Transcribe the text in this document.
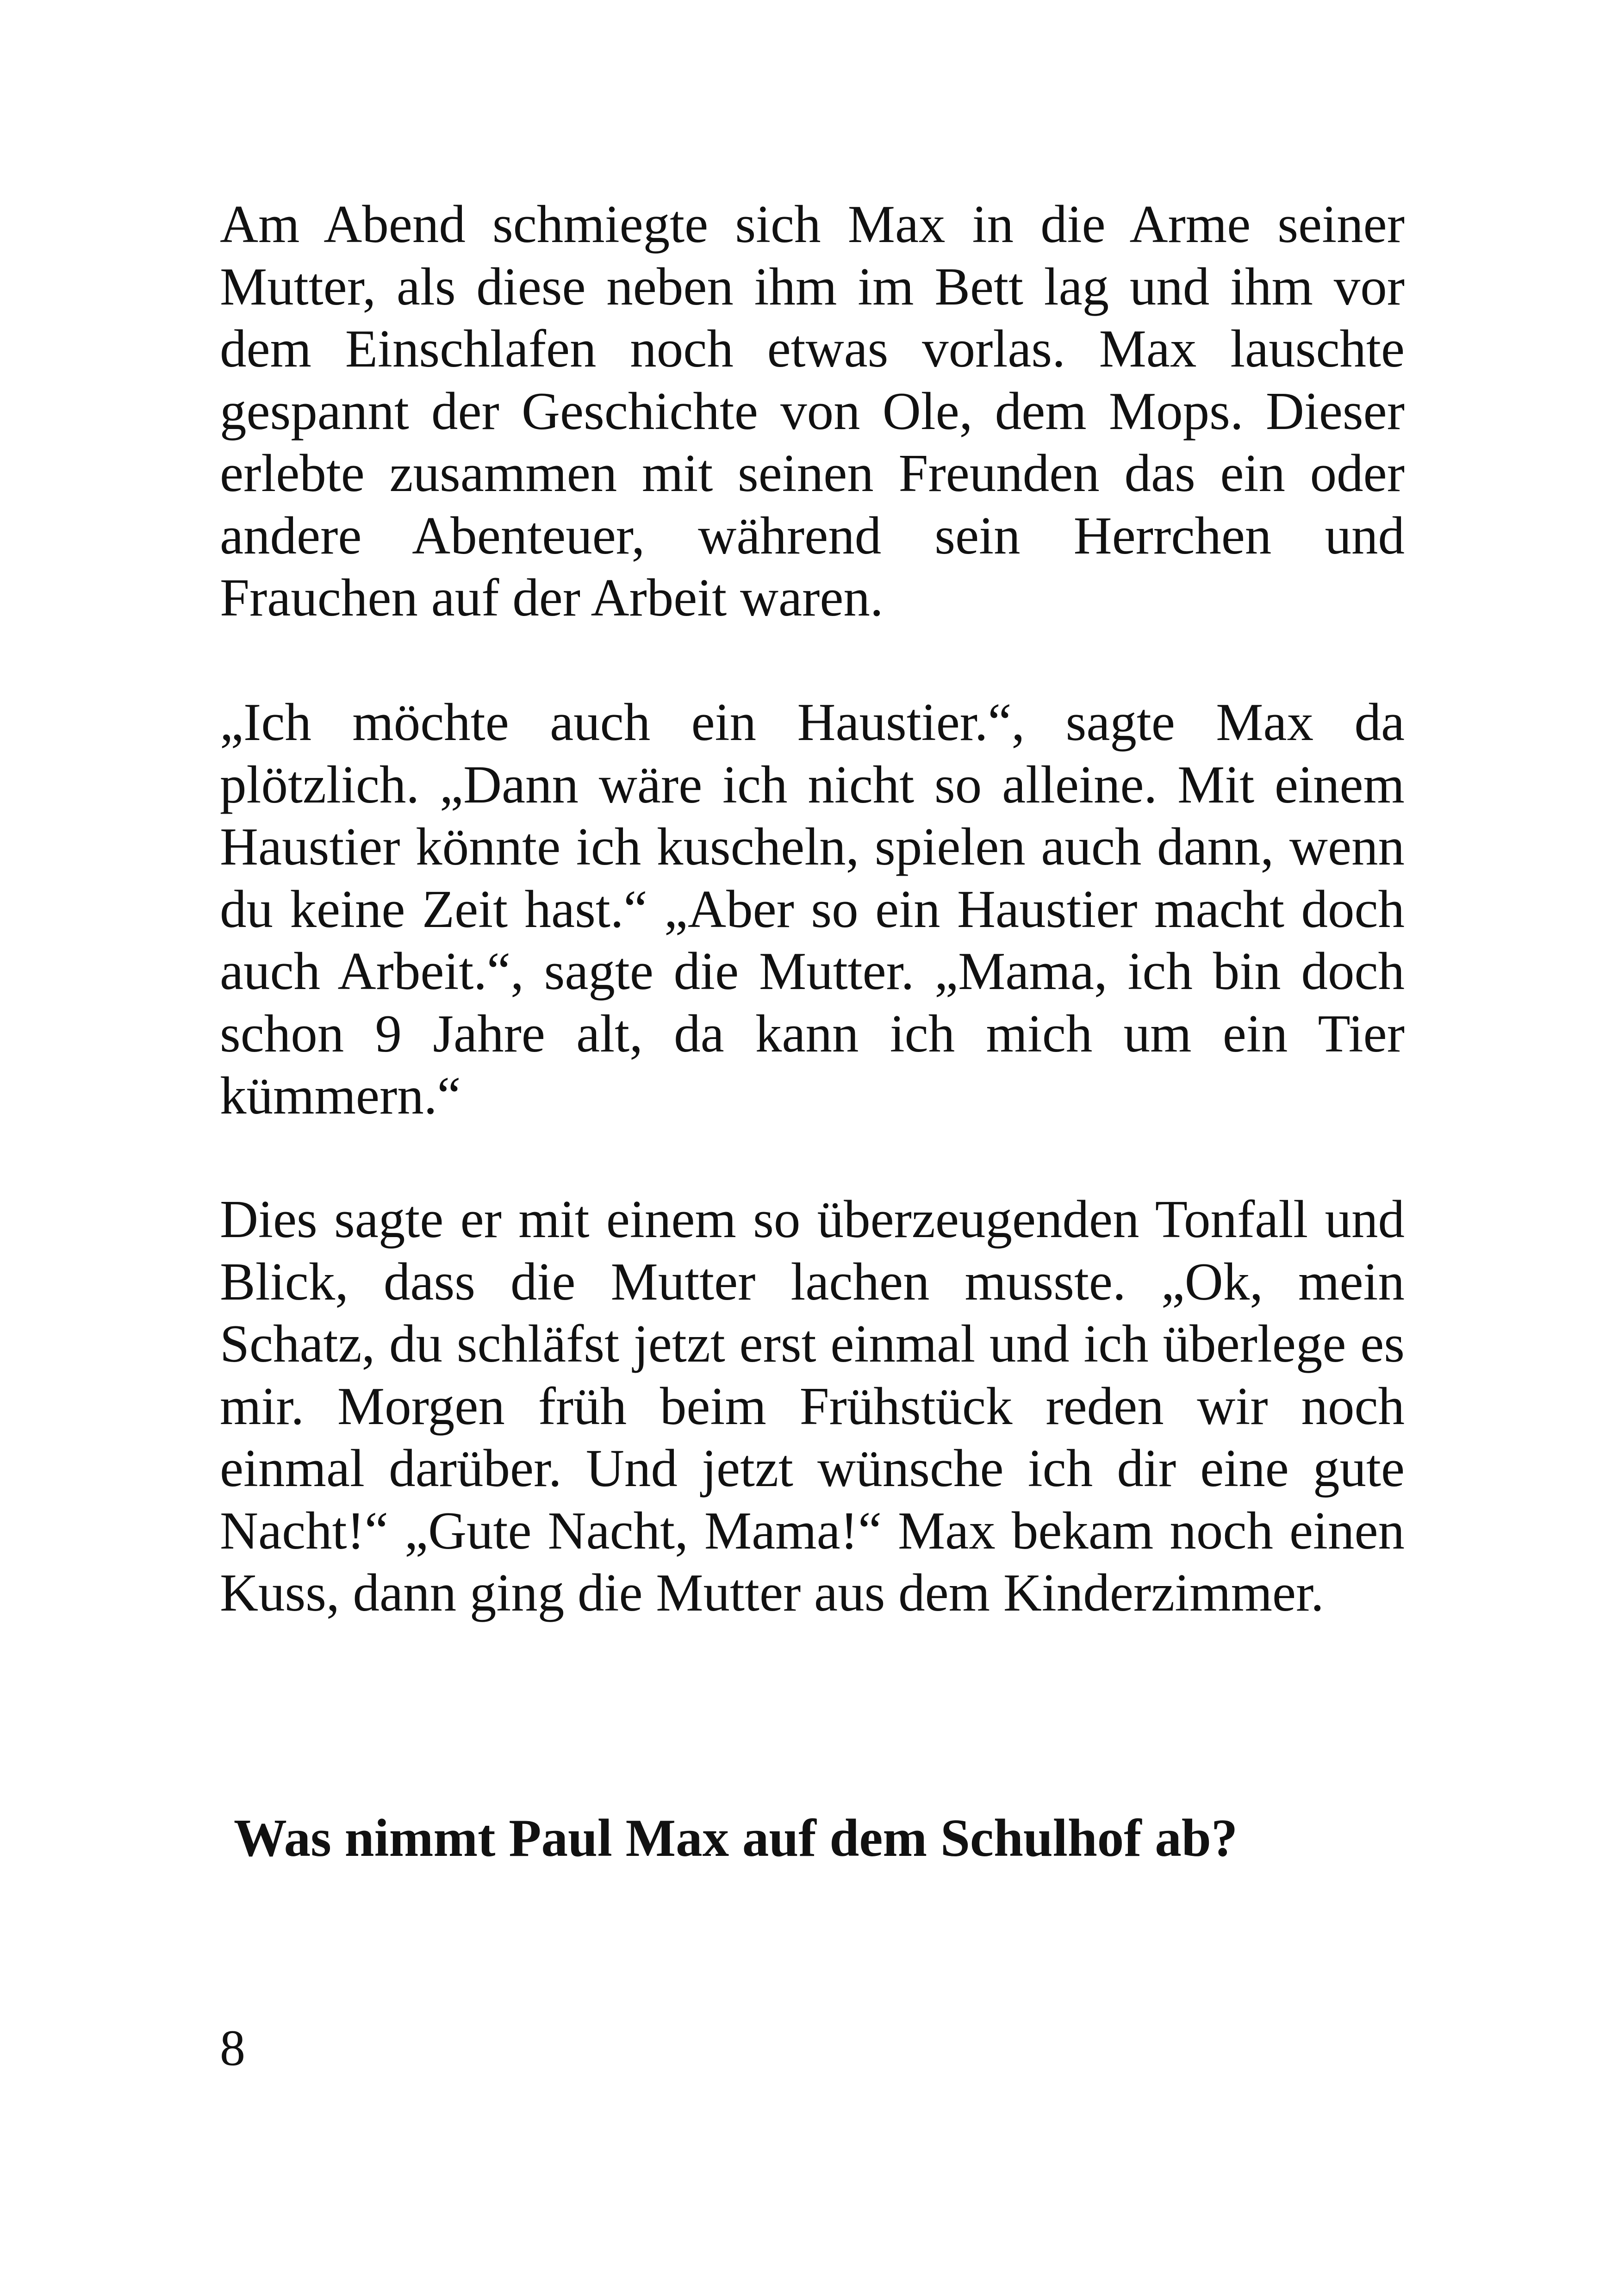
Am Abend schmiegte sich Max in die Arme seiner Mutter, als diese neben ihm im Bett lag und ihm vor dem Einschlafen noch etwas vorlas. Max lauschte gespannt der Geschichte von Ole, dem Mops. Dieser erlebte zusammen mit seinen Freunden das ein oder andere Abenteuer, während sein Herrchen und Frauchen auf der Arbeit waren.

„Ich möchte auch ein Haustier.“, sagte Max da plötzlich. „Dann wäre ich nicht so alleine. Mit einem Haustier könnte ich kuscheln, spielen auch dann, wenn du keine Zeit hast.“ „Aber so ein Haustier macht doch auch Arbeit.“, sagte die Mutter. „Mama, ich bin doch schon 9 Jahre alt, da kann ich mich um ein Tier kümmern.“

Dies sagte er mit einem so überzeugenden Tonfall und Blick, dass die Mutter lachen musste. „Ok, mein Schatz, du schläfst jetzt erst einmal und ich überlege es mir. Morgen früh beim Frühstück reden wir noch einmal darüber. Und jetzt wünsche ich dir eine gute Nacht!“ „Gute Nacht, Mama!“ Max bekam noch einen Kuss, dann ging die Mutter aus dem Kinderzimmer.

Was nimmt Paul Max auf dem Schulhof ab?

8
